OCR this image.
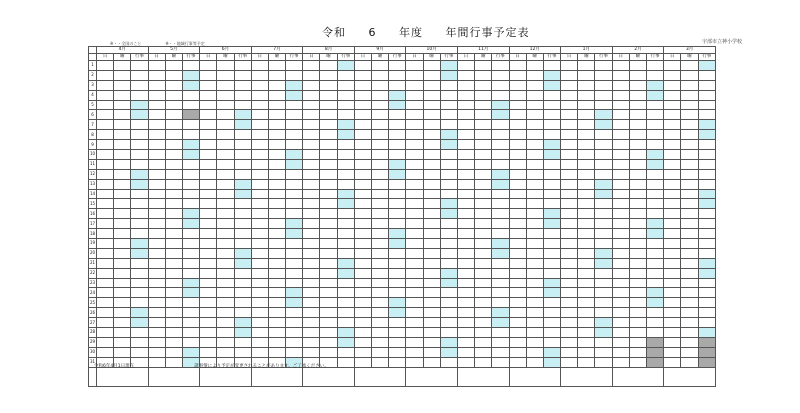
※・・全国のこと	※・・地域行事等予定
令和 6 年度 年間行事予定表
宇部市立神小学校
	4月			5月			6月			7月			8月			9月			10月			11月			12月			1月			2月			3月		
	日	曜	行事	日	曜	行事	日	曜	行事	日	曜	行事	日	曜	行事	日	曜	行事	日	曜	行事	日	曜	行事	日	曜	行事	日	曜	行事	日	曜	行事	日	曜	行事
1																																				
2																																				
3																																				
4																																				
5																																				
6																																				
7																																				
8																																				
9																																				
10																																				
11																																				
12																																				
13																																				
14																																				
15																																				
16																																				
17																																				
18																																				
19																																				
20																																				
21																																				
22																																				
23																																				
24																																				
25																																				
26																																				
27																																				
28																																				
29																																				
30																																				
31																																				

令和6年4月1日現在	諸事情により予定が変更されることがあります。ご了承ください。
